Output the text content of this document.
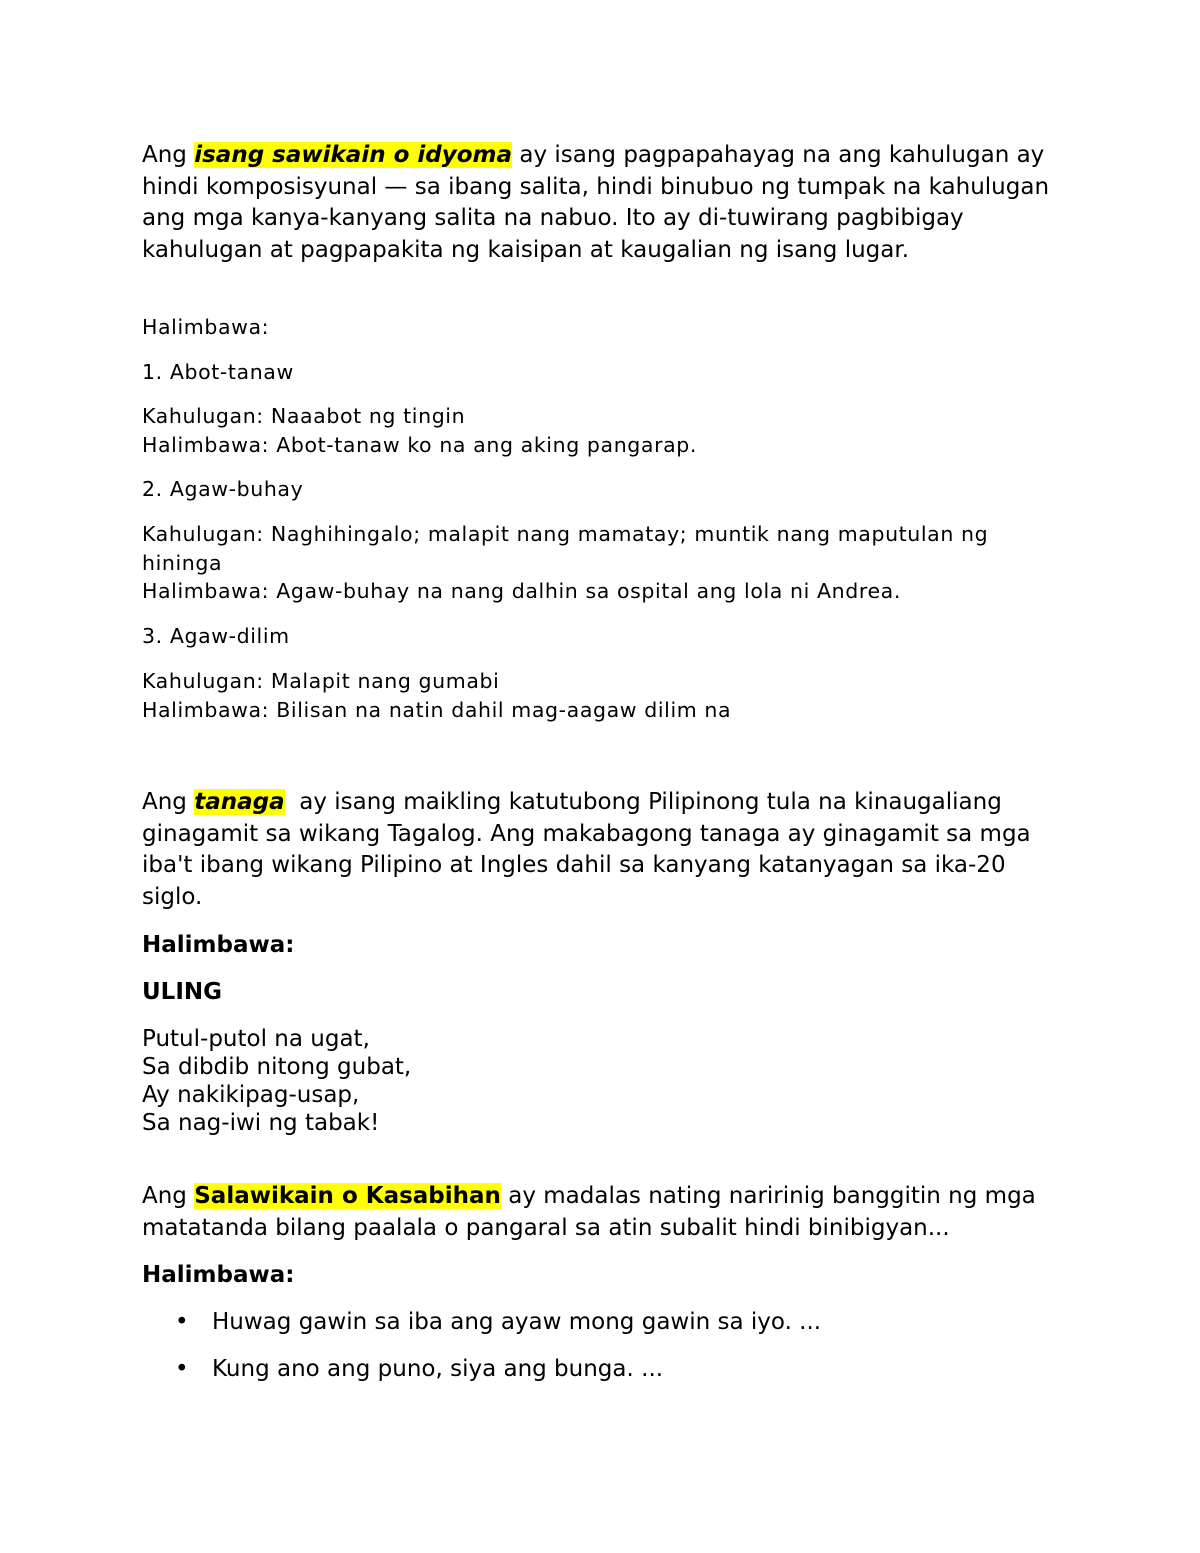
Ang isang sawikain o idyoma ay isang pagpapahayag na ang kahulugan ay hindi komposisyunal — sa ibang salita, hindi binubuo ng tumpak na kahulugan ang mga kanya-kanyang salita na nabuo. Ito ay di-tuwirang pagbibigay kahulugan at pagpapakita ng kaisipan at kaugalian ng isang lugar.

Halimbawa:

1. Abot-tanaw

Kahulugan: Naaabot ng tingin

Halimbawa: Abot-tanaw ko na ang aking pangarap.

2. Agaw-buhay

Kahulugan: Naghihingalo; malapit nang mamatay; muntik nang maputulan ng hininga

Halimbawa: Agaw-buhay na nang dalhin sa ospital ang lola ni Andrea.

3. Agaw-dilim

Kahulugan: Malapit nang gumabi

Halimbawa: Bilisan na natin dahil mag-aagaw dilim na

Ang tanaga  ay isang maikling katutubong Pilipinong tula na kinaugaliang ginagamit sa wikang Tagalog. Ang makabagong tanaga ay ginagamit sa mga iba't ibang wikang Pilipino at Ingles dahil sa kanyang katanyagan sa ika-20 siglo.

Halimbawa:

ULING

Putul-putol na ugat,
Sa dibdib nitong gubat,
Ay nakikipag-usap,
Sa nag-iwi ng tabak!

Ang Salawikain o Kasabihan ay madalas nating naririnig banggitin ng mga matatanda bilang paalala o pangaral sa atin subalit hindi binibigyan...

Halimbawa:

• Huwag gawin sa iba ang ayaw mong gawin sa iyo. ...
• Kung ano ang puno, siya ang bunga. ...
